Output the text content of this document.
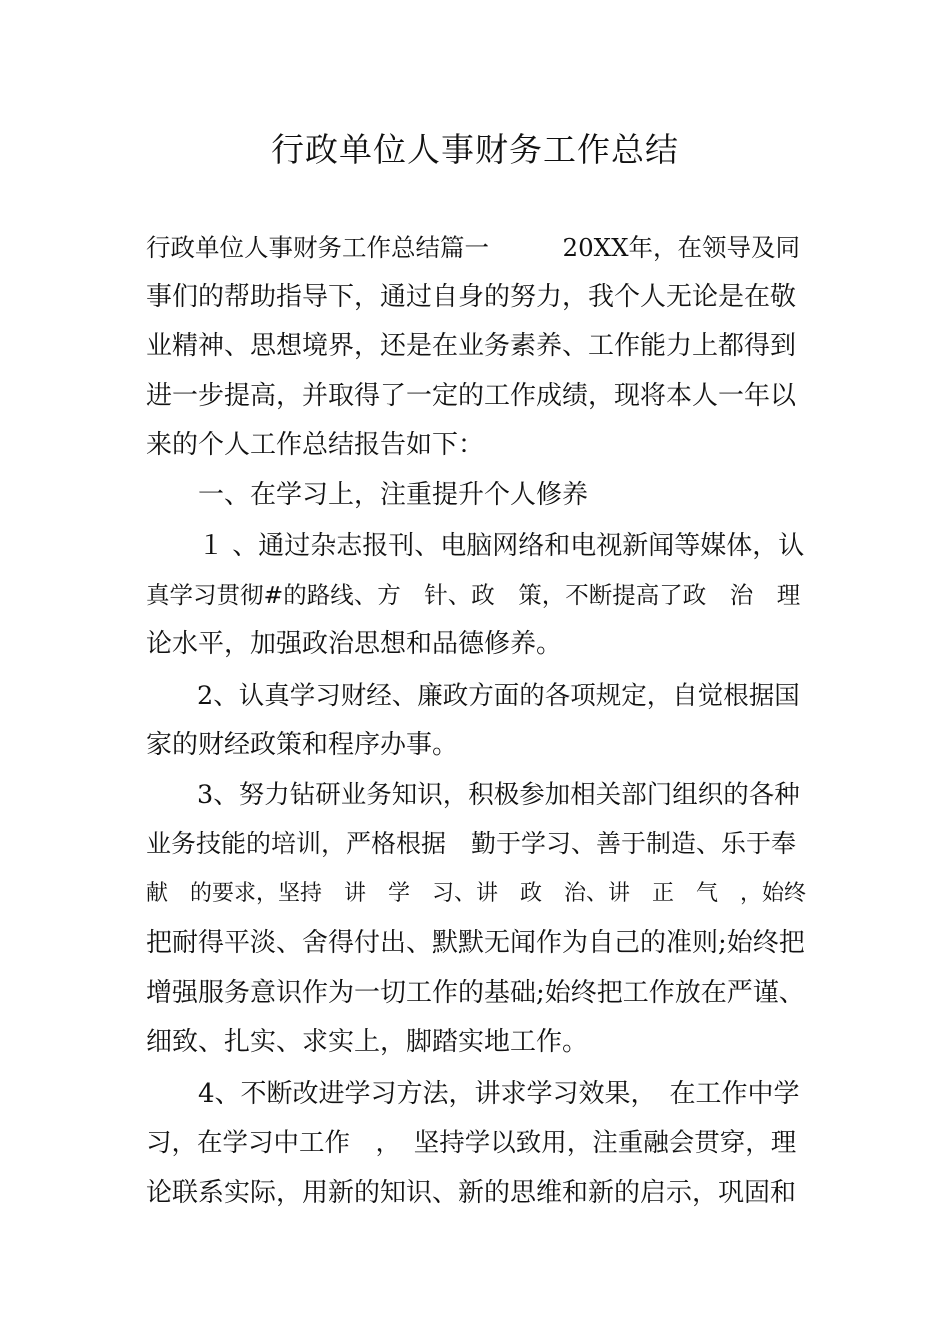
行政单位人事财务工作总结

行政单位人事财务工作总结篇一　　　20XX年，在领导及同

事们的帮助指导下，通过自身的努力，我个人无论是在敬

业精神、思想境界，还是在业务素养、工作能力上都得到

进一步提高，并取得了一定的工作成绩，现将本人一年以

来的个人工作总结报告如下：

　　一、在学习上，注重提升个人修养

　　１ 、通过杂志报刊、电脑网络和电视新闻等媒体，认

真学习贯彻#的路线、方　针、政　策，不断提高了政　治　理

论水平，加强政治思想和品德修养。

　　2、认真学习财经、廉政方面的各项规定，自觉根据国

家的财经政策和程序办事。

　　3、努力钻研业务知识，积极参加相关部门组织的各种

业务技能的培训，严格根据　勤于学习、善于制造、乐于奉

献　的要求，坚持　讲　学　习、讲　政　治、讲　正　气　，始终

把耐得平淡、舍得付出、默默无闻作为自己的准则;始终把

增强服务意识作为一切工作的基础;始终把工作放在严谨、

细致、扎实、求实上，脚踏实地工作。

　　4、不断改进学习方法，讲求学习效果，　在工作中学

习，在学习中工作　，　坚持学以致用，注重融会贯穿，理

论联系实际，用新的知识、新的思维和新的启示，巩固和
